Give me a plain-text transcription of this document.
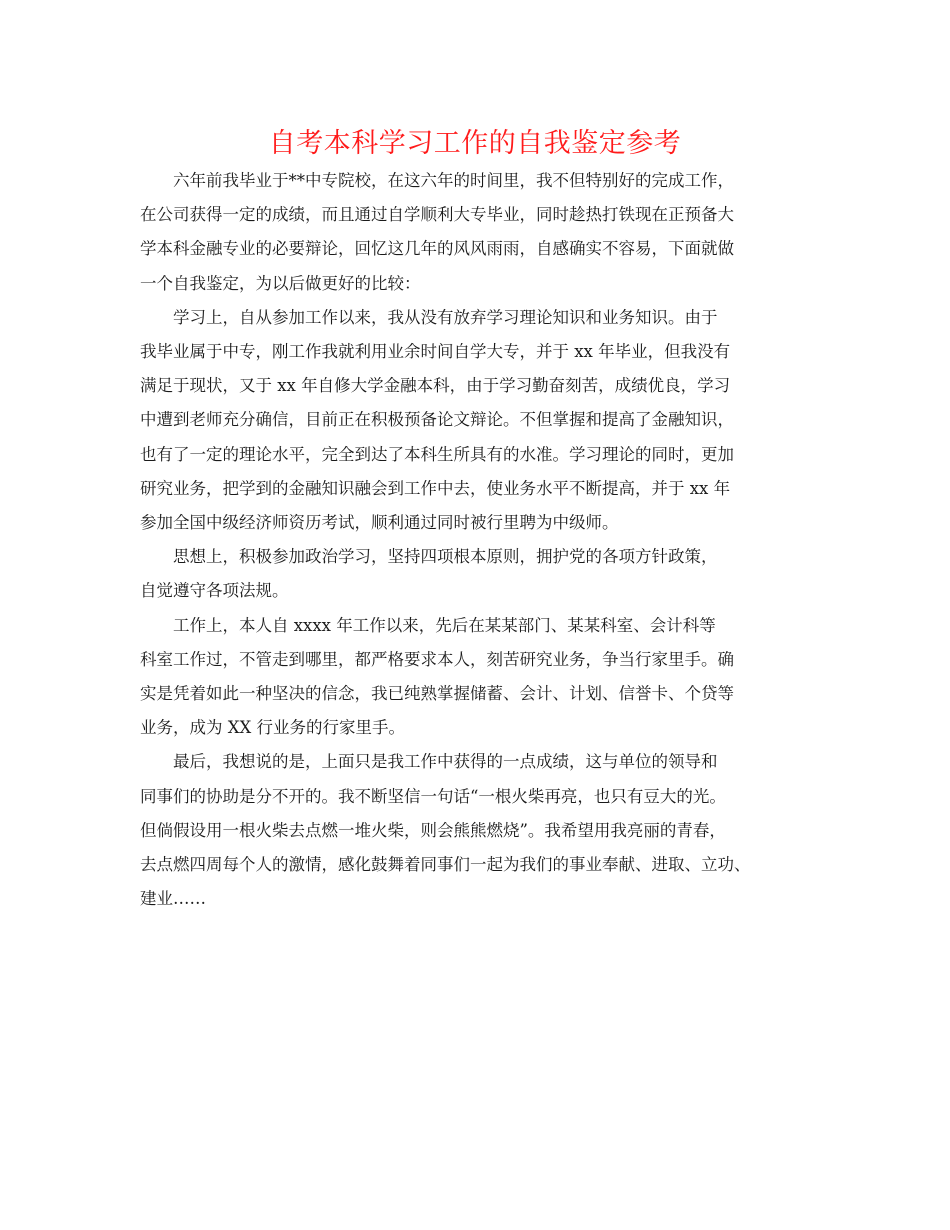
自考本科学习工作的自我鉴定参考

六年前我毕业于**中专院校，在这六年的时间里，我不但特别好的完成工作，
在公司获得一定的成绩，而且通过自学顺利大专毕业，同时趁热打铁现在正预备大
学本科金融专业的必要辩论，回忆这几年的风风雨雨，自感确实不容易，下面就做
一个自我鉴定，为以后做更好的比较：

学习上，自从参加工作以来，我从没有放弃学习理论知识和业务知识。由于
我毕业属于中专，刚工作我就利用业余时间自学大专，并于 xx 年毕业，但我没有
满足于现状，又于 xx 年自修大学金融本科，由于学习勤奋刻苦，成绩优良，学习
中遭到老师充分确信，目前正在积极预备论文辩论。不但掌握和提高了金融知识，
也有了一定的理论水平，完全到达了本科生所具有的水准。学习理论的同时，更加
研究业务，把学到的金融知识融会到工作中去，使业务水平不断提高，并于 xx 年
参加全国中级经济师资历考试，顺利通过同时被行里聘为中级师。

思想上，积极参加政治学习，坚持四项根本原则，拥护党的各项方针政策，
自觉遵守各项法规。

工作上，本人自 xxxx 年工作以来，先后在某某部门、某某科室、会计科等
科室工作过，不管走到哪里，都严格要求本人，刻苦研究业务，争当行家里手。确
实是凭着如此一种坚决的信念，我已纯熟掌握储蓄、会计、计划、信誉卡、个贷等
业务，成为 XX 行业务的行家里手。

最后，我想说的是，上面只是我工作中获得的一点成绩，这与单位的领导和
同事们的协助是分不开的。我不断坚信一句话“一根火柴再亮，也只有豆大的光。
但倘假设用一根火柴去点燃一堆火柴，则会熊熊燃烧”。我希望用我亮丽的青春，
去点燃四周每个人的激情，感化鼓舞着同事们一起为我们的事业奉献、进取、立功、
建业……
